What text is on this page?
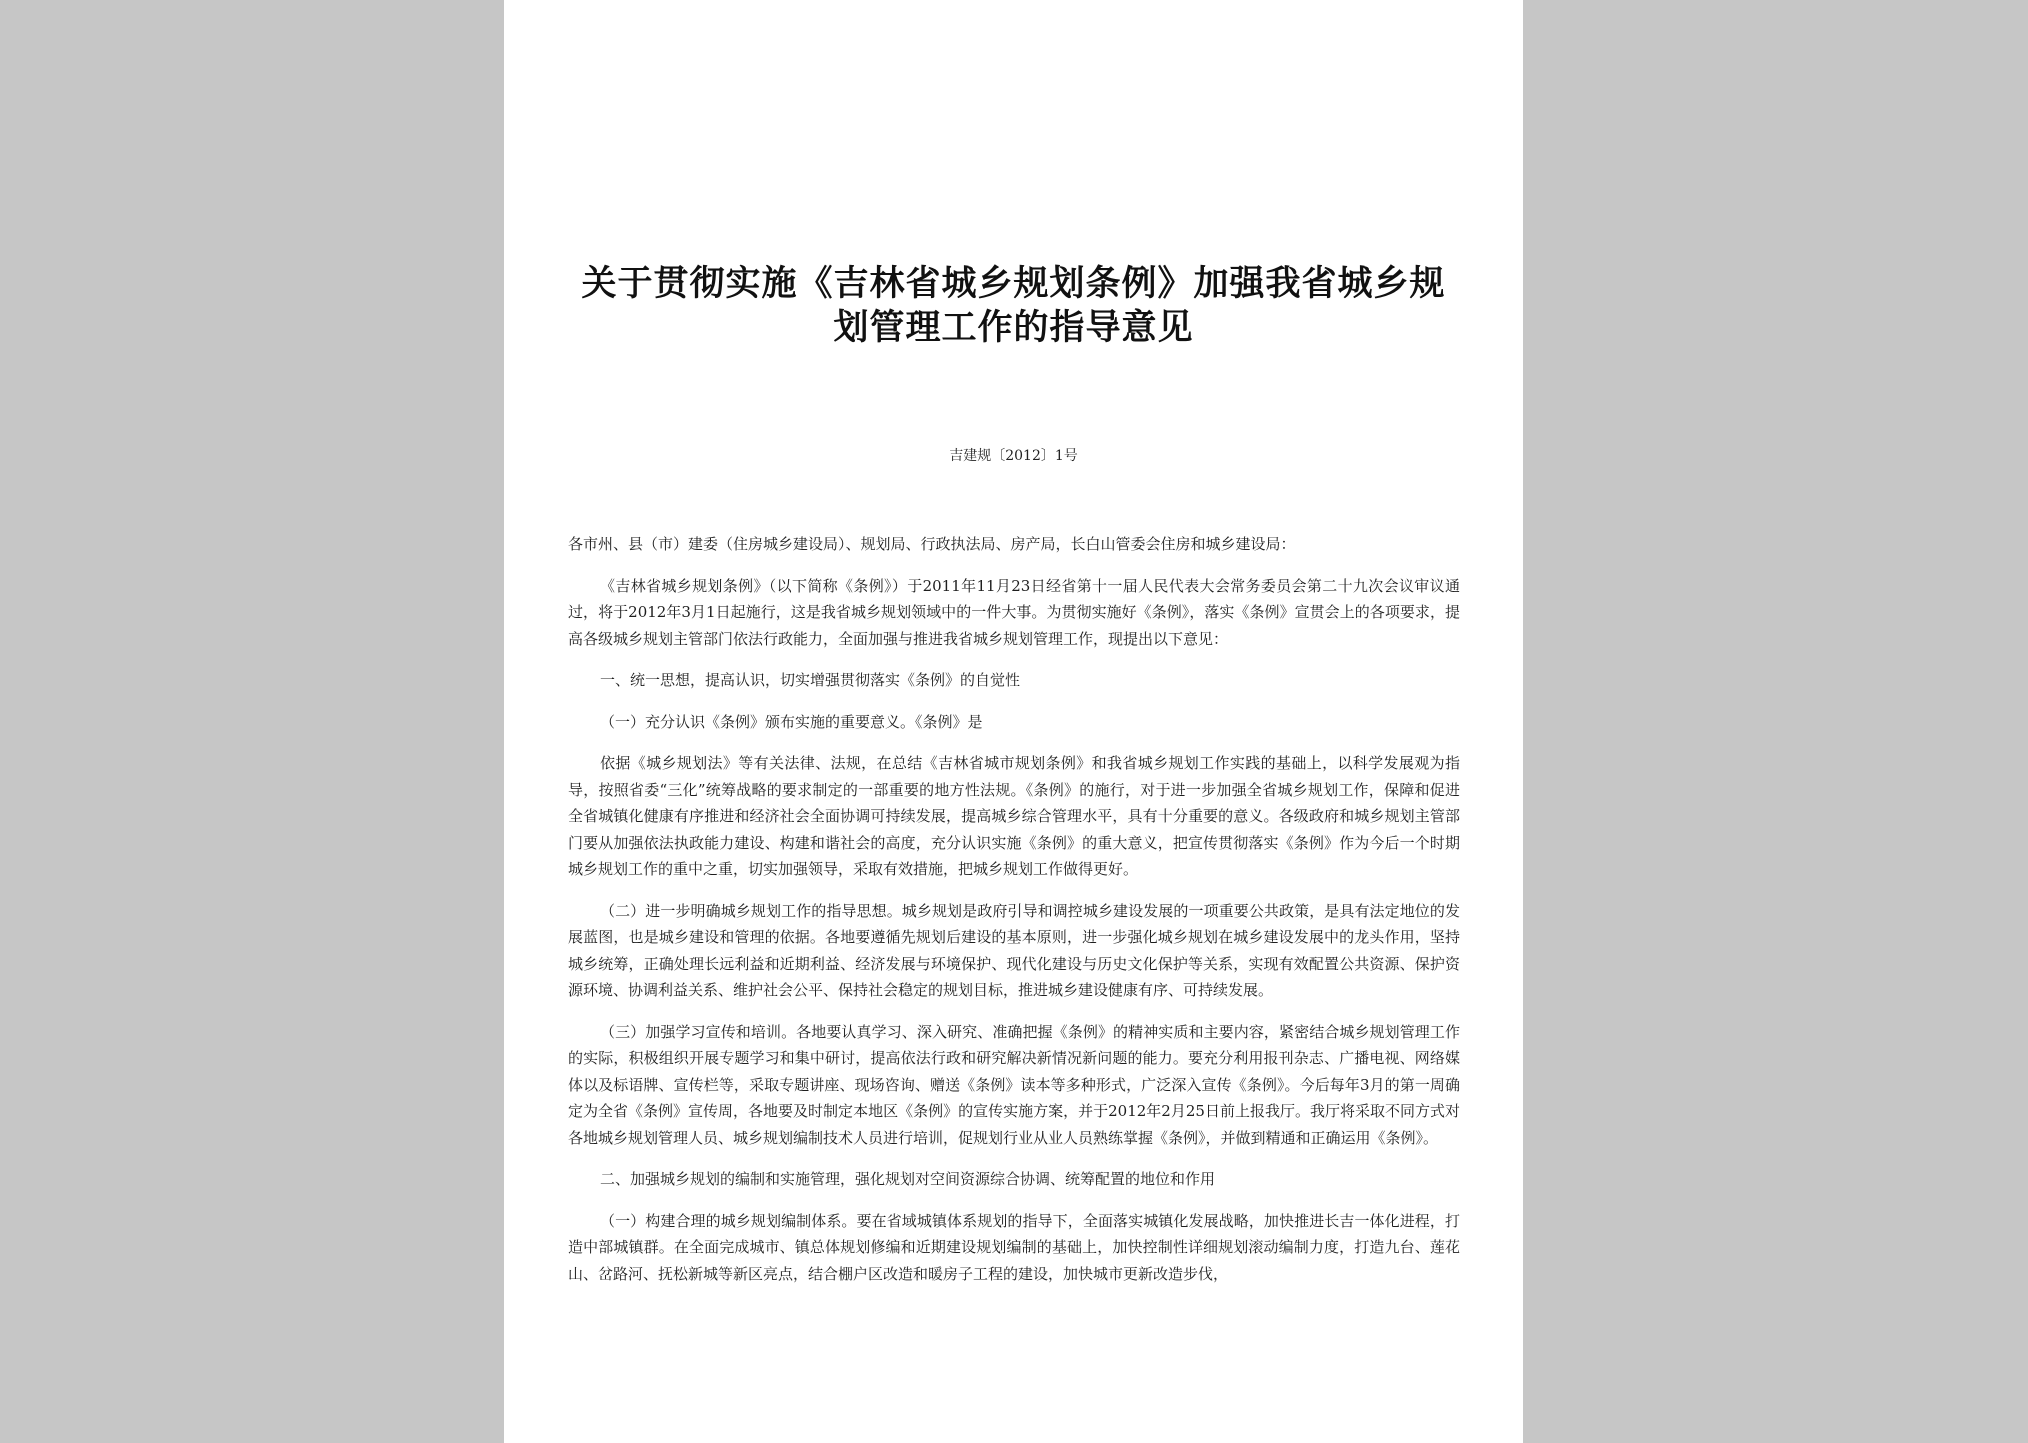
关于贯彻实施《吉林省城乡规划条例》加强我省城乡规
划管理工作的指导意见
吉建规〔2012〕1号

各市州、县（市）建委（住房城乡建设局）、规划局、行政执法局、房产局，长白山管委会住房和城乡建设局：

《吉林省城乡规划条例》（以下简称《条例》）于2011年11月23日经省第十一届人民代表大会常务委员会第二十九次会议审议通过，将于2012年3月1日起施行，这是我省城乡规划领域中的一件大事。为贯彻实施好《条例》，落实《条例》宣贯会上的各项要求，提高各级城乡规划主管部门依法行政能力，全面加强与推进我省城乡规划管理工作，现提出以下意见：

一、统一思想，提高认识，切实增强贯彻落实《条例》的自觉性

（一）充分认识《条例》颁布实施的重要意义。《条例》是

依据《城乡规划法》等有关法律、法规，在总结《吉林省城市规划条例》和我省城乡规划工作实践的基础上，以科学发展观为指导，按照省委“三化”统筹战略的要求制定的一部重要的地方性法规。《条例》的施行，对于进一步加强全省城乡规划工作，保障和促进全省城镇化健康有序推进和经济社会全面协调可持续发展，提高城乡综合管理水平，具有十分重要的意义。各级政府和城乡规划主管部门要从加强依法执政能力建设、构建和谐社会的高度，充分认识实施《条例》的重大意义，把宣传贯彻落实《条例》作为今后一个时期城乡规划工作的重中之重，切实加强领导，采取有效措施，把城乡规划工作做得更好。

（二）进一步明确城乡规划工作的指导思想。城乡规划是政府引导和调控城乡建设发展的一项重要公共政策，是具有法定地位的发展蓝图，也是城乡建设和管理的依据。各地要遵循先规划后建设的基本原则，进一步强化城乡规划在城乡建设发展中的龙头作用，坚持城乡统筹，正确处理长远利益和近期利益、经济发展与环境保护、现代化建设与历史文化保护等关系，实现有效配置公共资源、保护资源环境、协调利益关系、维护社会公平、保持社会稳定的规划目标，推进城乡建设健康有序、可持续发展。

（三）加强学习宣传和培训。各地要认真学习、深入研究、准确把握《条例》的精神实质和主要内容，紧密结合城乡规划管理工作的实际，积极组织开展专题学习和集中研讨，提高依法行政和研究解决新情况新问题的能力。要充分利用报刊杂志、广播电视、网络媒体以及标语牌、宣传栏等，采取专题讲座、现场咨询、赠送《条例》读本等多种形式，广泛深入宣传《条例》。今后每年3月的第一周确定为全省《条例》宣传周，各地要及时制定本地区《条例》的宣传实施方案，并于2012年2月25日前上报我厅。我厅将采取不同方式对各地城乡规划管理人员、城乡规划编制技术人员进行培训，促规划行业从业人员熟练掌握《条例》，并做到精通和正确运用《条例》。

二、加强城乡规划的编制和实施管理，强化规划对空间资源综合协调、统筹配置的地位和作用

（一）构建合理的城乡规划编制体系。要在省域城镇体系规划的指导下，全面落实城镇化发展战略，加快推进长吉一体化进程，打造中部城镇群。在全面完成城市、镇总体规划修编和近期建设规划编制的基础上，加快控制性详细规划滚动编制力度，打造九台、莲花山、岔路河、抚松新城等新区亮点，结合棚户区改造和暖房子工程的建设，加快城市更新改造步伐，
